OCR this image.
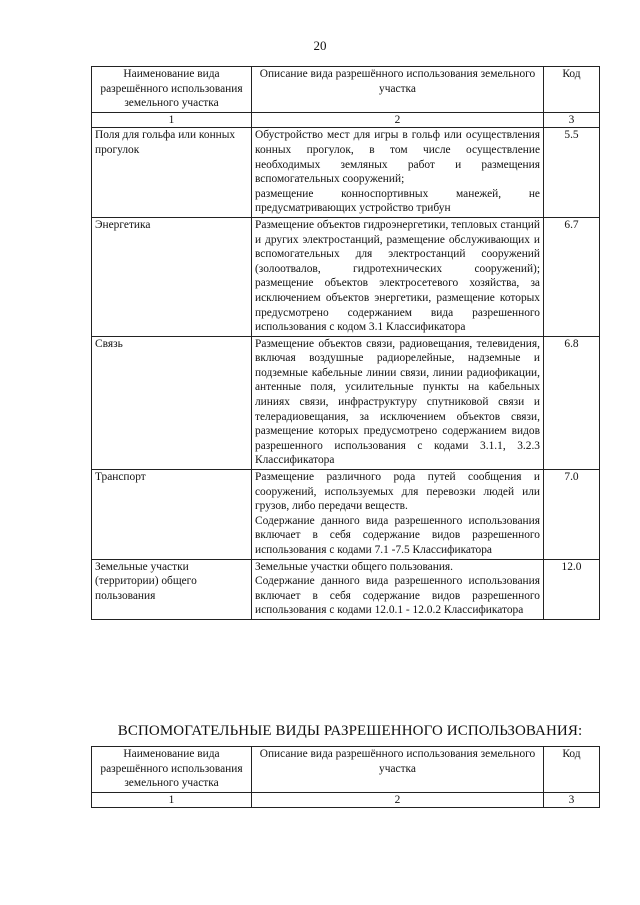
20
Наименование вида разрешённого использования земельного участка	Описание вида разрешённого использования земельного участка	Код
1	2	3
Поля для гольфа или конных прогулок	Обустройство мест для игры в гольф или осуществления конных прогулок, в том числе осуществление необходимых земляных работ и размещения вспомогательных сооружений;

размещение конноспортивных манежей, не предусматривающих устройство трибун	5.5
Энергетика	Размещение объектов гидроэнергетики, тепловых станций и других электростанций, размещение обслуживающих и вспомогательных для электростанций сооружений (золоотвалов, гидротехнических сооружений); размещение объектов электросетевого хозяйства, за исключением объектов энергетики, размещение которых предусмотрено содержанием вида разрешенного использования с кодом 3.1 Классификатора	6.7
Связь	Размещение объектов связи, радиовещания, телевидения, включая воздушные радиорелейные, надземные и подземные кабельные линии связи, линии радиофикации, антенные поля, усилительные пункты на кабельных линиях связи, инфраструктуру спутниковой связи и телерадиовещания, за исключением объектов связи, размещение которых предусмотрено содержанием видов разрешенного использования с кодами 3.1.1, 3.2.3 Классификатора	6.8
Транспорт	Размещение различного рода путей сообщения и сооружений, используемых для перевозки людей или грузов, либо передачи веществ.

Содержание данного вида разрешенного использования включает в себя содержание видов разрешенного использования с кодами 7.1 -7.5 Классификатора	7.0
Земельные участки (территории) общего пользования	Земельные участки общего пользования.

Содержание данного вида разрешенного использования включает в себя содержание видов разрешенного использования с кодами 12.0.1 - 12.0.2 Классификатора	12.0
ВСПОМОГАТЕЛЬНЫЕ ВИДЫ РАЗРЕШЕННОГО ИСПОЛЬЗОВАНИЯ:
Наименование вида разрешённого использования земельного участка	Описание вида разрешённого использования земельного участка	Код
1	2	3
